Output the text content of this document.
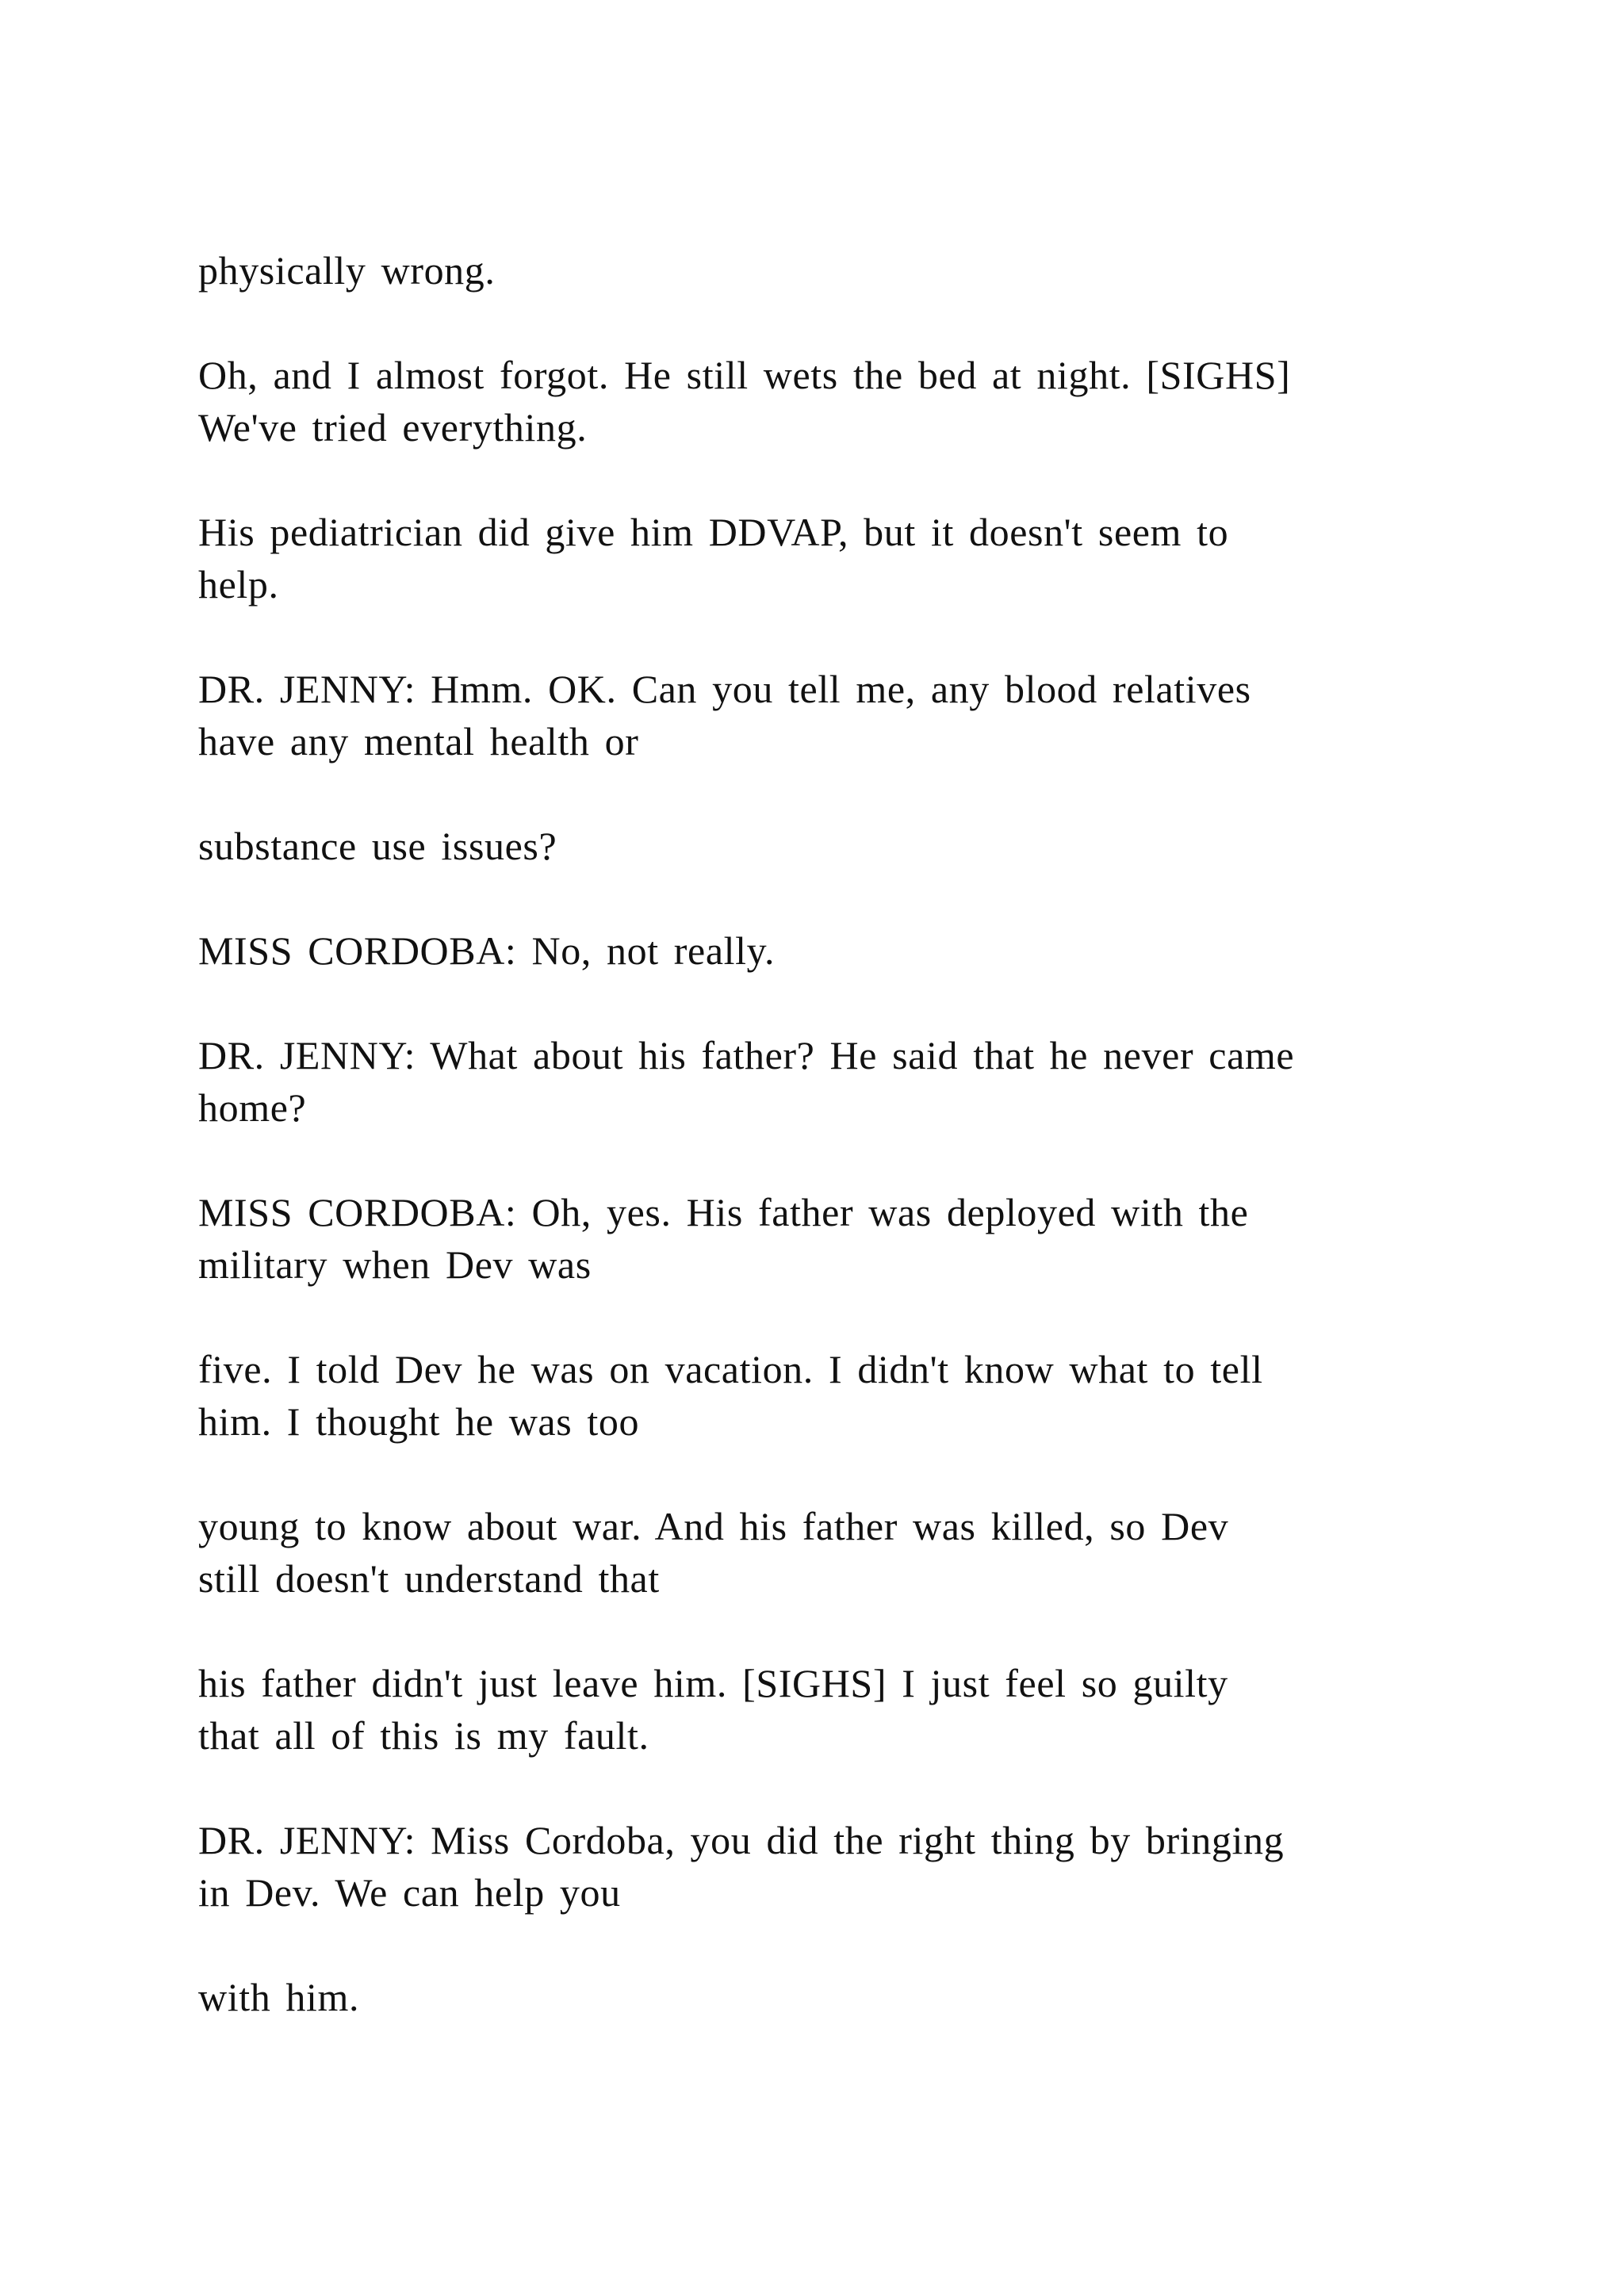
physically wrong.

Oh, and I almost forgot. He still wets the bed at night. [SIGHS]
We've tried everything.

His pediatrician did give him DDVAP, but it doesn't seem to
help.

DR. JENNY: Hmm. OK. Can you tell me, any blood relatives
have any mental health or

substance use issues?

MISS CORDOBA: No, not really.

DR. JENNY: What about his father? He said that he never came
home?

MISS CORDOBA: Oh, yes. His father was deployed with the
military when Dev was

five. I told Dev he was on vacation. I didn't know what to tell
him. I thought he was too

young to know about war. And his father was killed, so Dev
still doesn't understand that

his father didn't just leave him. [SIGHS] I just feel so guilty
that all of this is my fault.

DR. JENNY: Miss Cordoba, you did the right thing by bringing
in Dev. We can help you

with him.
